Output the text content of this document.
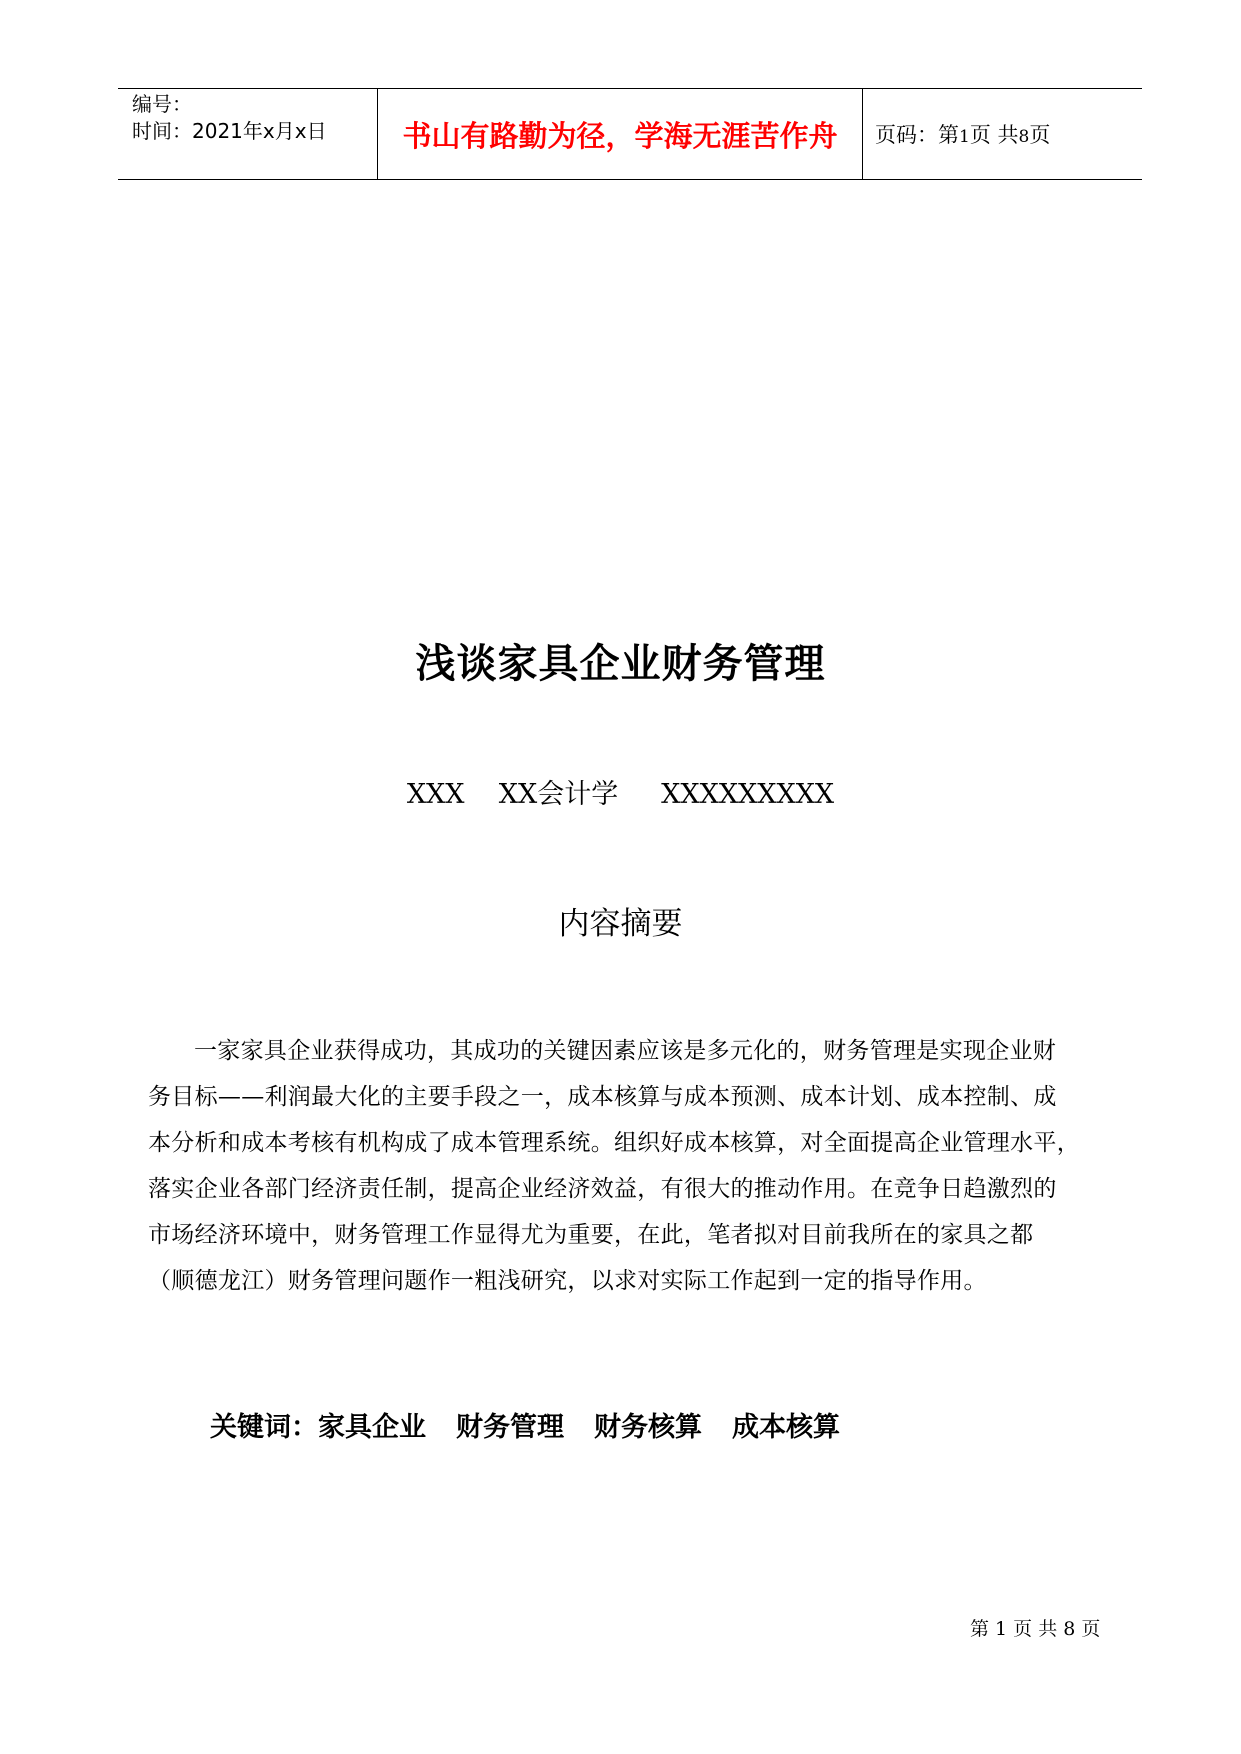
编号：
时间：2021年x月x日	书山有路勤为径，学海无涯苦作舟 页码：第1页 共8页
浅谈家具企业财务管理
XXX    XX会计学     XXXXXXXXX
内容摘要
一家家具企业获得成功，其成功的关键因素应该是多元化的，财务管理是实现企业财
务目标——利润最大化的主要手段之一，成本核算与成本预测、成本计划、成本控制、成
本分析和成本考核有机构成了成本管理系统。组织好成本核算，对全面提高企业管理水平，
落实企业各部门经济责任制，提高企业经济效益，有很大的推动作用。在竞争日趋激烈的
市场经济环境中，财务管理工作显得尤为重要，在此，笔者拟对目前我所在的家具之都
（顺德龙江）财务管理问题作一粗浅研究，以求对实际工作起到一定的指导作用。
关键词：家具企业 财务管理 财务核算 成本核算
第 1 页 共 8 页
